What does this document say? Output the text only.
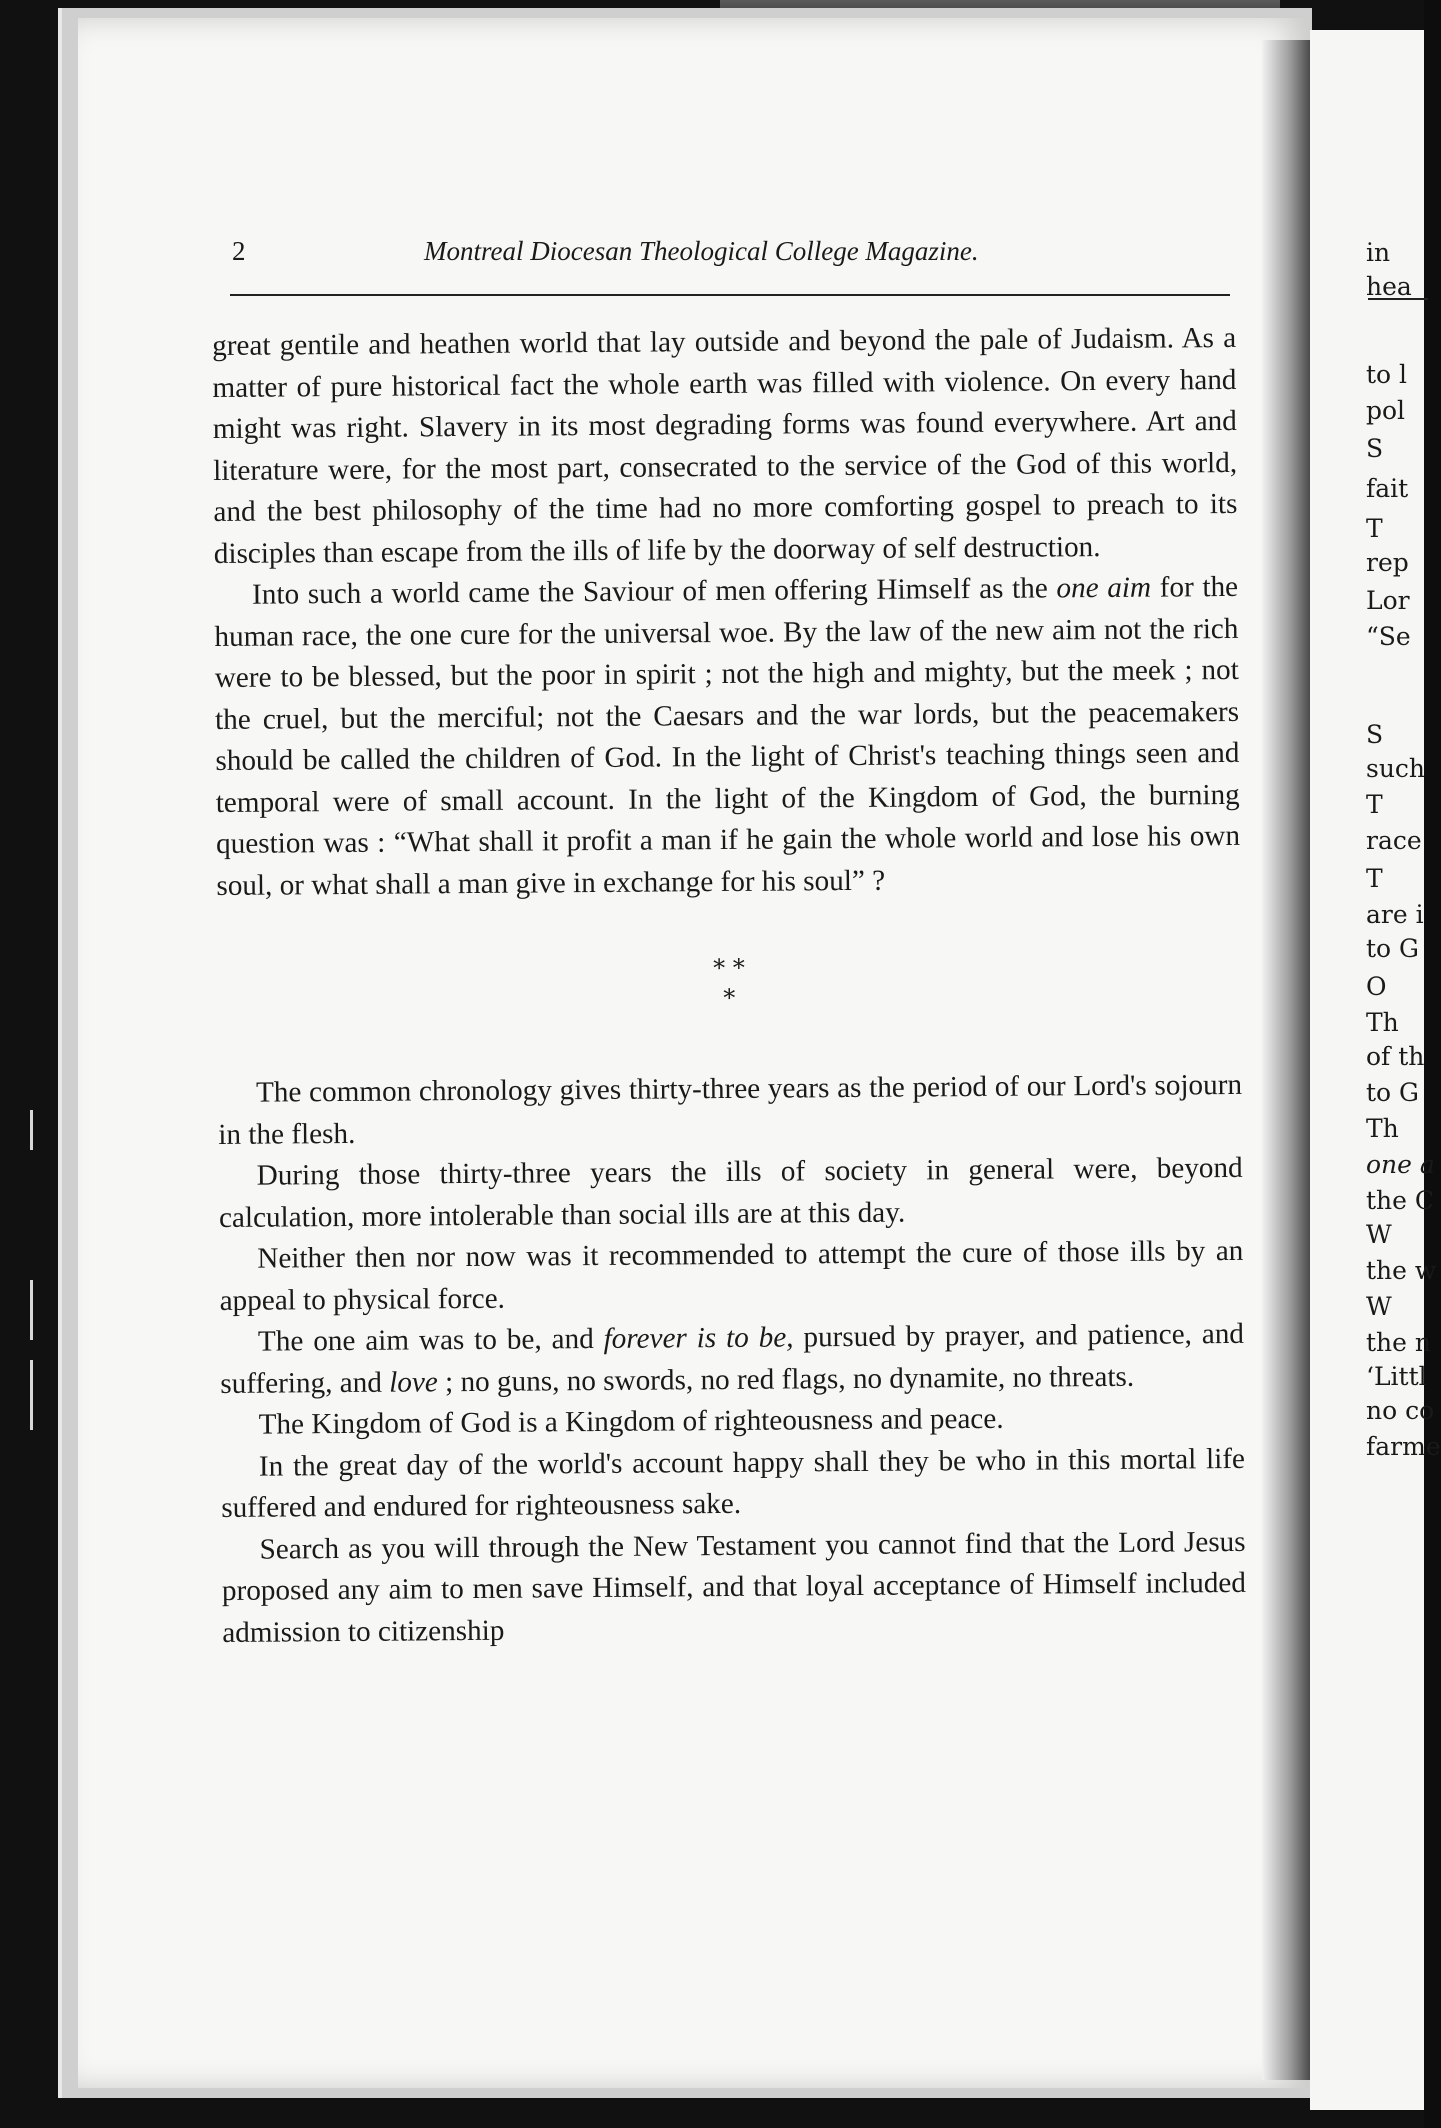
2	Montreal Diocesan Theological College Magazine.

great gentile and heathen world that lay outside and beyond the pale of Judaism. As a matter of pure historical fact the whole earth was filled with violence. On every hand might was right. Slavery in its most degrading forms was found everywhere. Art and literature were, for the most part, consecrated to the service of the God of this world, and the best philosophy of the time had no more comforting gospel to preach to its disciples than escape from the ills of life by the doorway of self destruction.

Into such a world came the Saviour of men offering Himself as the one aim for the human race, the one cure for the universal woe. By the law of the new aim not the rich were to be blessed, but the poor in spirit ; not the high and mighty, but the meek ; not the cruel, but the merciful; not the Caesars and the war lords, but the peacemakers should be called the children of God. In the light of Christ's teaching things seen and temporal were of small account. In the light of the Kingdom of God, the burning question was : “What shall it profit a man if he gain the whole world and lose his own soul, or what shall a man give in exchange for his soul” ?

* *
*

The common chronology gives thirty-three years as the period of our Lord's sojourn in the flesh.

During those thirty-three years the ills of society in general were, beyond calculation, more intolerable than social ills are at this day.

Neither then nor now was it recommended to attempt the cure of those ills by an appeal to physical force.

The one aim was to be, and forever is to be, pursued by prayer, and patience, and suffering, and love ; no guns, no swords, no red flags, no dynamite, no threats.

The Kingdom of God is a Kingdom of righteousness and peace.

In the great day of the world's account happy shall they be who in this mortal life suffered and endured for righteousness sake.

Search as you will through the New Testament you cannot find that the Lord Jesus proposed any aim to men save Himself, and that loyal acceptance of Himself included admission to citizenship

in
hea
to l
pol
S
fait
T
rep
Lor
“Se
S
such
T
race
T
are i
to G
O
Th
of th
to G
Th
one a
the C
W
the w
W
the n
‘Littl
no co
farme
